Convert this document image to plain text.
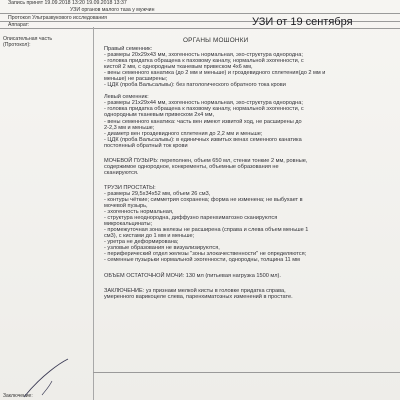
Запись принят 19.09.2018 13:20 19.09.2018 13:37
УЗИ органов малого таза у мужчин
Протокол Ультразвукового исследования
Аппарат:
Описательная часть
(Протокол):
УЗИ от 19 сентября
ОРГАНЫ МОШОНКИ

Правый семенник:

- размеры 20x29x43 мм, эхогенность нормальная, эхо-структура однородна;

- головка придатка обращена к паховому каналу, нормальной эхогенности, с

кистой 2 мм, с однородным тканевым привеском 4x6 мм,

- вены семенного канатика (до 2 мм и меньше) и гроздевидного сплетения(до 2 мм и

меньше) не расширены;

- ЦДК (проба Вальсальвы): без патологического обратного тока крови

Левый семенник:

- размеры 21x29x44 мм, эхогенность нормальная, эхо-структура однородна;

- головка придатка обращена к паховому каналу, нормальной эхогенности, с

однородным тканевым привеском 2x4 мм,

- вены семенного канатика: часть вен имеют извитой ход, не расширены до

2-2,3 мм и меньше;

- диаметр вен гроздевидного сплетения до 2,2 мм и меньше;

- ЦДК (проба Вальсальвы): в единичных извитых венах семенного канатика

постоянный обратный ток крови

МОЧЕВОЙ ПУЗЫРЬ: переполнен, объем 650 мл, стенки тонкие 2 мм, ровные,

содержимое однородное, конкременты, объемные образования не

сканируются.

ТРУЗИ ПРОСТАТЫ:

- размеры 29,5x34x52 мм, объем 26 см3,

- контуры чёткие; симметрия сохранена; форма не изменена; не выбухает в

мочевой пузырь,

- эхогенность нормальная,

- структура неоднородна, диффузно паренхиматозно сканируются

микрокальцинаты;

- промежуточная зона железы не расширена (справа и слева объем меньше 1

см3), с кистами до 1 мм и меньше;

- уретра не деформирована;

- узловые образования не визуализируются,

- периферический отдел железы "зоны злокачественности" не определяются;

- семенные пузырьки нормальной эхогенности, однородны, толщина 11 мм

ОБЪЕМ ОСТАТОЧНОЙ МОЧИ: 130 мл (питьевая нагрузка 1500 мл).

ЗАКЛЮЧЕНИЕ: уз признаки мелкой кисты в головке придатка справа,

умеренного варикоцеле слева, паренхиматозных изменений в простате.

Заключение:
